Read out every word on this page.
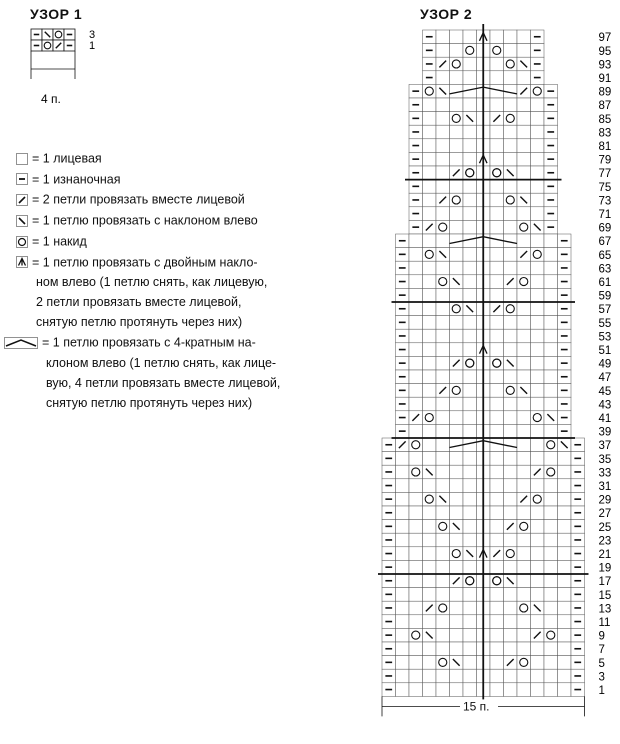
УЗОР 1	УЗОР 2
3
1
4 п.
97
95
93
91
89
87
85
83
81
79
77
75
73
71
69
67
65
63
61
59
57
55
53
51
49
47
45
43
41
39
37
35
33
31
29
27
25
23
21
19
17
15
13
11
9
7
5
3
1
15 п.
= 1 лицевая
= 1 изнаночная
= 2 петли провязать вместе лицевой
= 1 петлю провязать с наклоном влево
= 1 накид
= 1 петлю провязать с двойным накло-
ном влево (1 петлю снять, как лицевую,
2 петли провязать вместе лицевой,
снятую петлю протянуть через них)
= 1 петлю провязать с 4-кратным на-
клоном влево (1 петлю снять, как лице-
вую, 4 петли провязать вместе лицевой,
снятую петлю протянуть через них)
